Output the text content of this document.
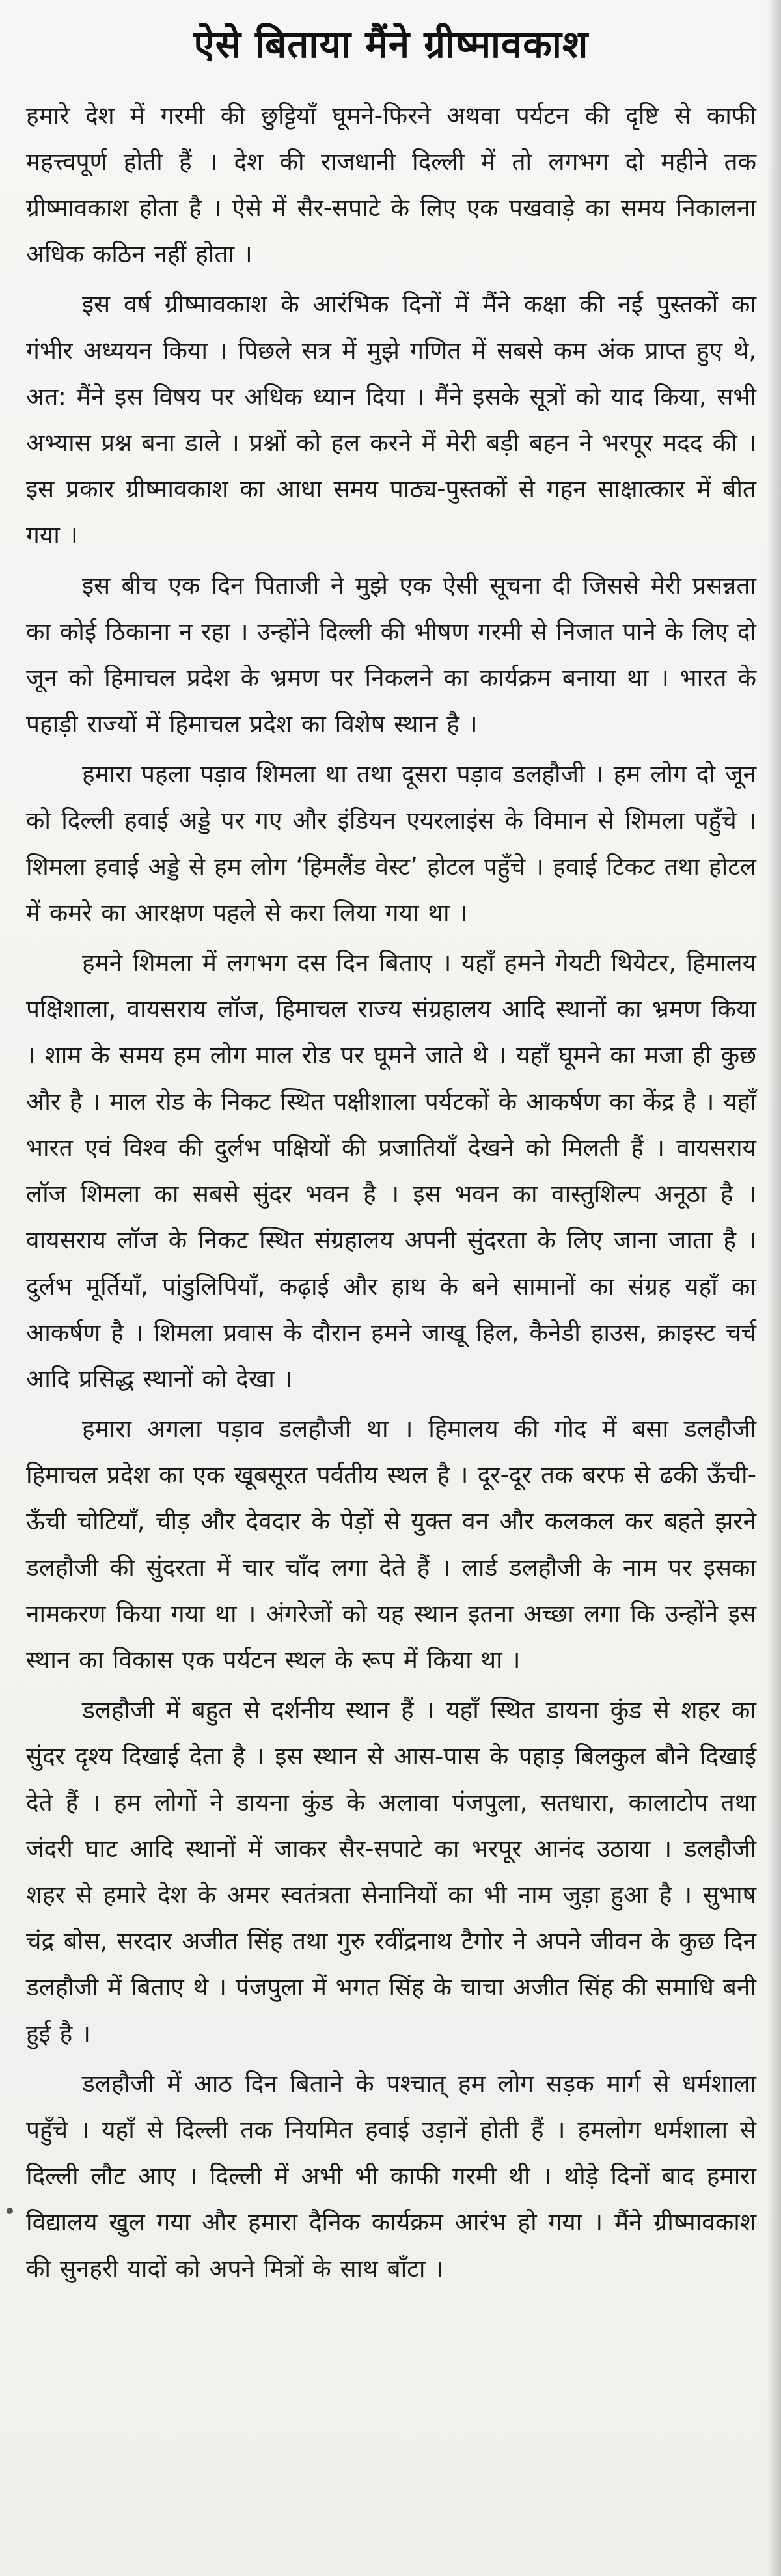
ऐसे बिताया मैंने ग्रीष्मावकाश

हमारे देश में गरमी की छुट्टियाँ घूमने-फिरने अथवा पर्यटन की दृष्टि से काफी महत्त्वपूर्ण होती हैं । देश की राजधानी दिल्ली में तो लगभग दो महीने तक ग्रीष्मावकाश होता है । ऐसे में सैर-सपाटे के लिए एक पखवाड़े का समय निकालना अधिक कठिन नहीं होता ।

इस वर्ष ग्रीष्मावकाश के आरंभिक दिनों में मैंने कक्षा की नई पुस्तकों का गंभीर अध्ययन किया । पिछले सत्र में मुझे गणित में सबसे कम अंक प्राप्त हुए थे, अत: मैंने इस विषय पर अधिक ध्यान दिया । मैंने इसके सूत्रों को याद किया, सभी अभ्यास प्रश्न बना डाले । प्रश्नों को हल करने में मेरी बड़ी बहन ने भरपूर मदद की । इस प्रकार ग्रीष्मावकाश का आधा समय पाठ्य-पुस्तकों से गहन साक्षात्कार में बीत गया ।

इस बीच एक दिन पिताजी ने मुझे एक ऐसी सूचना दी जिससे मेरी प्रसन्नता का कोई ठिकाना न रहा । उन्होंने दिल्ली की भीषण गरमी से निजात पाने के लिए दो जून को हिमाचल प्रदेश के भ्रमण पर निकलने का कार्यक्रम बनाया था । भारत के पहाड़ी राज्यों में हिमाचल प्रदेश का विशेष स्थान है ।

हमारा पहला पड़ाव शिमला था तथा दूसरा पड़ाव डलहौजी । हम लोग दो जून को दिल्ली हवाई अड्डे पर गए और इंडियन एयरलाइंस के विमान से शिमला पहुँचे । शिमला हवाई अड्डे से हम लोग ‘हिमलैंड वेस्ट’ होटल पहुँचे । हवाई टिकट तथा होटल में कमरे का आरक्षण पहले से करा लिया गया था ।

हमने शिमला में लगभग दस दिन बिताए । यहाँ हमने गेयटी थियेटर, हिमालय पक्षिशाला, वायसराय लॉज, हिमाचल राज्य संग्रहालय आदि स्थानों का भ्रमण किया । शाम के समय हम लोग माल रोड पर घूमने जाते थे । यहाँ घूमने का मजा ही कुछ और है । माल रोड के निकट स्थित पक्षीशाला पर्यटकों के आकर्षण का केंद्र है । यहाँ भारत एवं विश्व की दुर्लभ पक्षियों की प्रजातियाँ देखने को मिलती हैं । वायसराय लॉज शिमला का सबसे सुंदर भवन है । इस भवन का वास्तुशिल्प अनूठा है । वायसराय लॉज के निकट स्थित संग्रहालय अपनी सुंदरता के लिए जाना जाता है । दुर्लभ मूर्तियाँ, पांडुलिपियाँ, कढ़ाई और हाथ के बने सामानों का संग्रह यहाँ का आकर्षण है । शिमला प्रवास के दौरान हमने जाखू हिल, कैनेडी हाउस, क्राइस्ट चर्च आदि प्रसिद्ध स्थानों को देखा ।

हमारा अगला पड़ाव डलहौजी था । हिमालय की गोद में बसा डलहौजी हिमाचल प्रदेश का एक खूबसूरत पर्वतीय स्थल है । दूर-दूर तक बरफ से ढकी ऊँची-ऊँची चोटियाँ, चीड़ और देवदार के पेड़ों से युक्त वन और कलकल कर बहते झरने डलहौजी की सुंदरता में चार चाँद लगा देते हैं । लार्ड डलहौजी के नाम पर इसका नामकरण किया गया था । अंगरेजों को यह स्थान इतना अच्छा लगा कि उन्होंने इस स्थान का विकास एक पर्यटन स्थल के रूप में किया था ।

डलहौजी में बहुत से दर्शनीय स्थान हैं । यहाँ स्थित डायना कुंड से शहर का सुंदर दृश्य दिखाई देता है । इस स्थान से आस-पास के पहाड़ बिलकुल बौने दिखाई देते हैं । हम लोगों ने डायना कुंड के अलावा पंजपुला, सतधारा, कालाटोप तथा जंदरी घाट आदि स्थानों में जाकर सैर-सपाटे का भरपूर आनंद उठाया । डलहौजी शहर से हमारे देश के अमर स्वतंत्रता सेनानियों का भी नाम जुड़ा हुआ है । सुभाष चंद्र बोस, सरदार अजीत सिंह तथा गुरु रवींद्रनाथ टैगोर ने अपने जीवन के कुछ दिन डलहौजी में बिताए थे । पंजपुला में भगत सिंह के चाचा अजीत सिंह की समाधि बनी हुई है ।

डलहौजी में आठ दिन बिताने के पश्चात् हम लोग सड़क मार्ग से धर्मशाला पहुँचे । यहाँ से दिल्ली तक नियमित हवाई उड़ानें होती हैं । हमलोग धर्मशाला से दिल्ली लौट आए । दिल्ली में अभी भी काफी गरमी थी । थोड़े दिनों बाद हमारा विद्यालय खुल गया और हमारा दैनिक कार्यक्रम आरंभ हो गया । मैंने ग्रीष्मावकाश की सुनहरी यादों को अपने मित्रों के साथ बाँटा ।
